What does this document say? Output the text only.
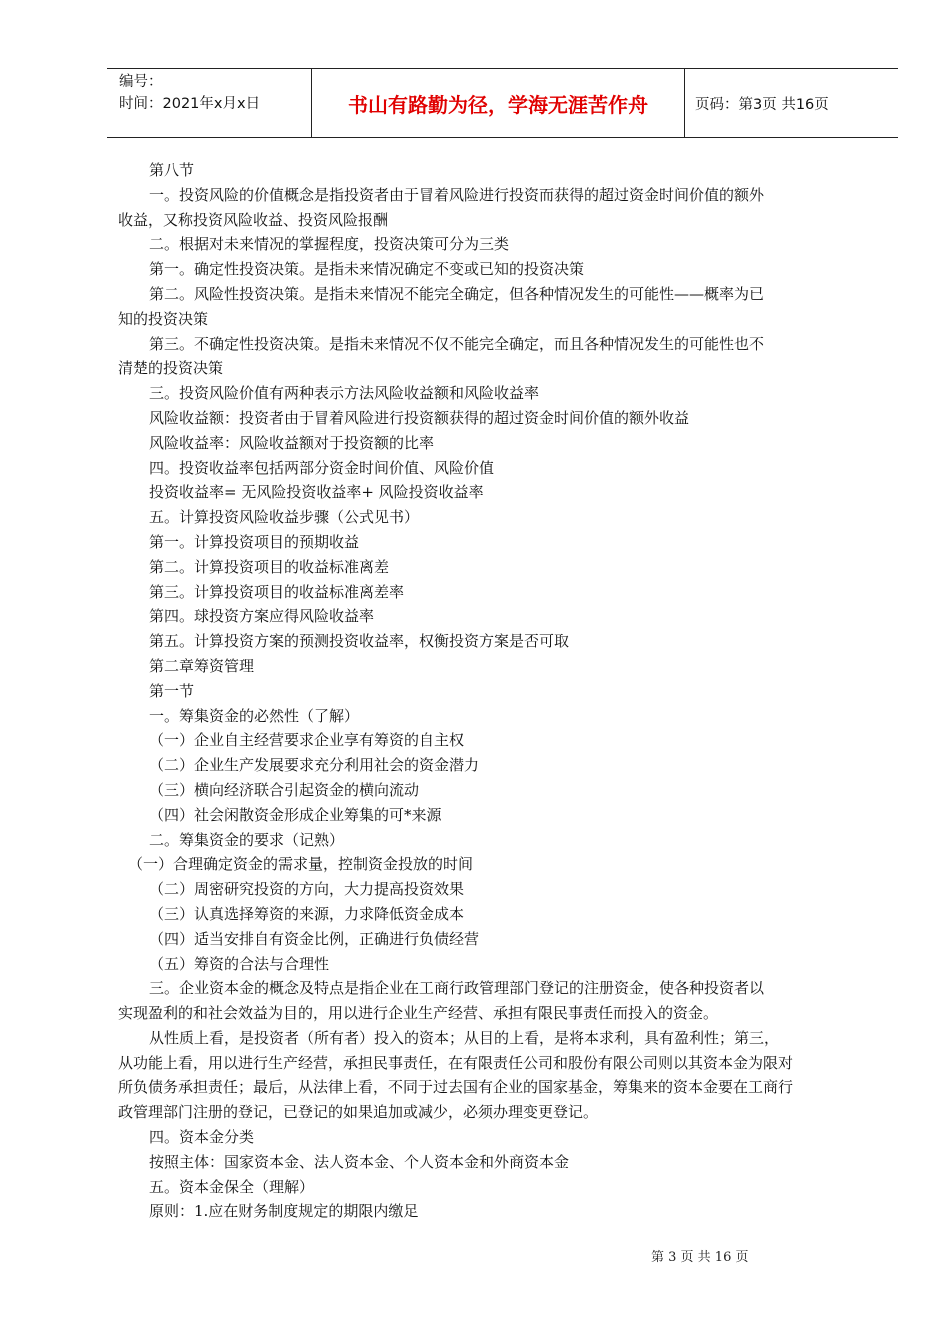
编号：
时间：2021年x月x日	书山有路勤为径，学海无涯苦作舟	页码：第3页 共16页
第八节
一。投资风险的价值概念是指投资者由于冒着风险进行投资而获得的超过资金时间价值的额外
收益，又称投资风险收益、投资风险报酬
二。根据对未来情况的掌握程度，投资决策可分为三类
第一。确定性投资决策。是指未来情况确定不变或已知的投资决策
第二。风险性投资决策。是指未来情况不能完全确定，但各种情况发生的可能性——概率为已
知的投资决策
第三。不确定性投资决策。是指未来情况不仅不能完全确定，而且各种情况发生的可能性也不
清楚的投资决策
三。投资风险价值有两种表示方法风险收益额和风险收益率
风险收益额：投资者由于冒着风险进行投资额获得的超过资金时间价值的额外收益
风险收益率：风险收益额对于投资额的比率
四。投资收益率包括两部分资金时间价值、风险价值
投资收益率= 无风险投资收益率+ 风险投资收益率
五。计算投资风险收益步骤（公式见书）
第一。计算投资项目的预期收益
第二。计算投资项目的收益标准离差
第三。计算投资项目的收益标准离差率
第四。球投资方案应得风险收益率
第五。计算投资方案的预测投资收益率，权衡投资方案是否可取
第二章筹资管理
第一节
一。筹集资金的必然性（了解）
（一）企业自主经营要求企业享有筹资的自主权
（二）企业生产发展要求充分利用社会的资金潜力
（三）横向经济联合引起资金的横向流动
（四）社会闲散资金形成企业筹集的可*来源
二。筹集资金的要求（记熟）
（一）合理确定资金的需求量，控制资金投放的时间
（二）周密研究投资的方向，大力提高投资效果
（三）认真选择筹资的来源，力求降低资金成本
（四）适当安排自有资金比例，正确进行负债经营
（五）筹资的合法与合理性
三。企业资本金的概念及特点是指企业在工商行政管理部门登记的注册资金，使各种投资者以
实现盈利的和社会效益为目的，用以进行企业生产经营、承担有限民事责任而投入的资金。
从性质上看，是投资者（所有者）投入的资本；从目的上看，是将本求利，具有盈利性；第三，
从功能上看，用以进行生产经营，承担民事责任，在有限责任公司和股份有限公司则以其资本金为限对
所负债务承担责任；最后，从法律上看，不同于过去国有企业的国家基金，筹集来的资本金要在工商行
政管理部门注册的登记，已登记的如果追加或减少，必须办理变更登记。
四。资本金分类
按照主体：国家资本金、法人资本金、个人资本金和外商资本金
五。资本金保全（理解）
原则：1.应在财务制度规定的期限内缴足
第 3 页 共 16 页
